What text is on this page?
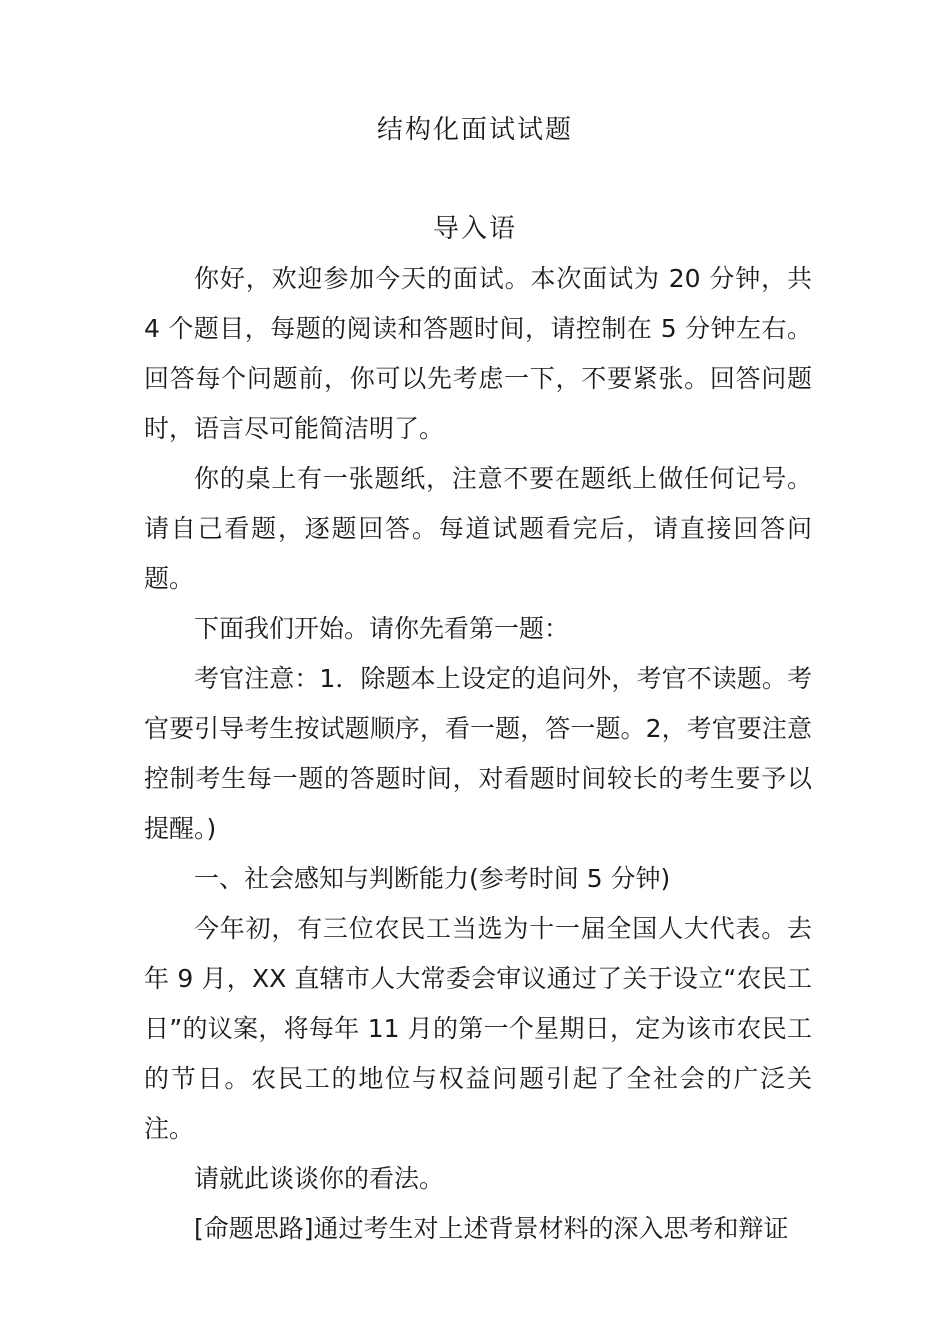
结构化面试试题
导入语

你好，欢迎参加今天的面试。本次面试为 20 分钟，共 4 个题目，每题的阅读和答题时间，请控制在 5 分钟左右。回答每个问题前，你可以先考虑一下，不要紧张。回答问题时，语言尽可能简洁明了。

你的桌上有一张题纸，注意不要在题纸上做任何记号。请自己看题，逐题回答。每道试题看完后，请直接回答问题。

下面我们开始。请你先看第一题：

考官注意：1．除题本上设定的追问外，考官不读题。考官要引导考生按试题顺序，看一题，答一题。2，考官要注意控制考生每一题的答题时间，对看题时间较长的考生要予以提醒。)

一、社会感知与判断能力(参考时间 5 分钟)

今年初，有三位农民工当选为十一届全国人大代表。去年 9 月，XX 直辖市人大常委会审议通过了关于设立“农民工日”的议案，将每年 11 月的第一个星期日，定为该市农民工的节日。农民工的地位与权益问题引起了全社会的广泛关注。

请就此谈谈你的看法。

[命题思路]通过考生对上述背景材料的深入思考和辩证
